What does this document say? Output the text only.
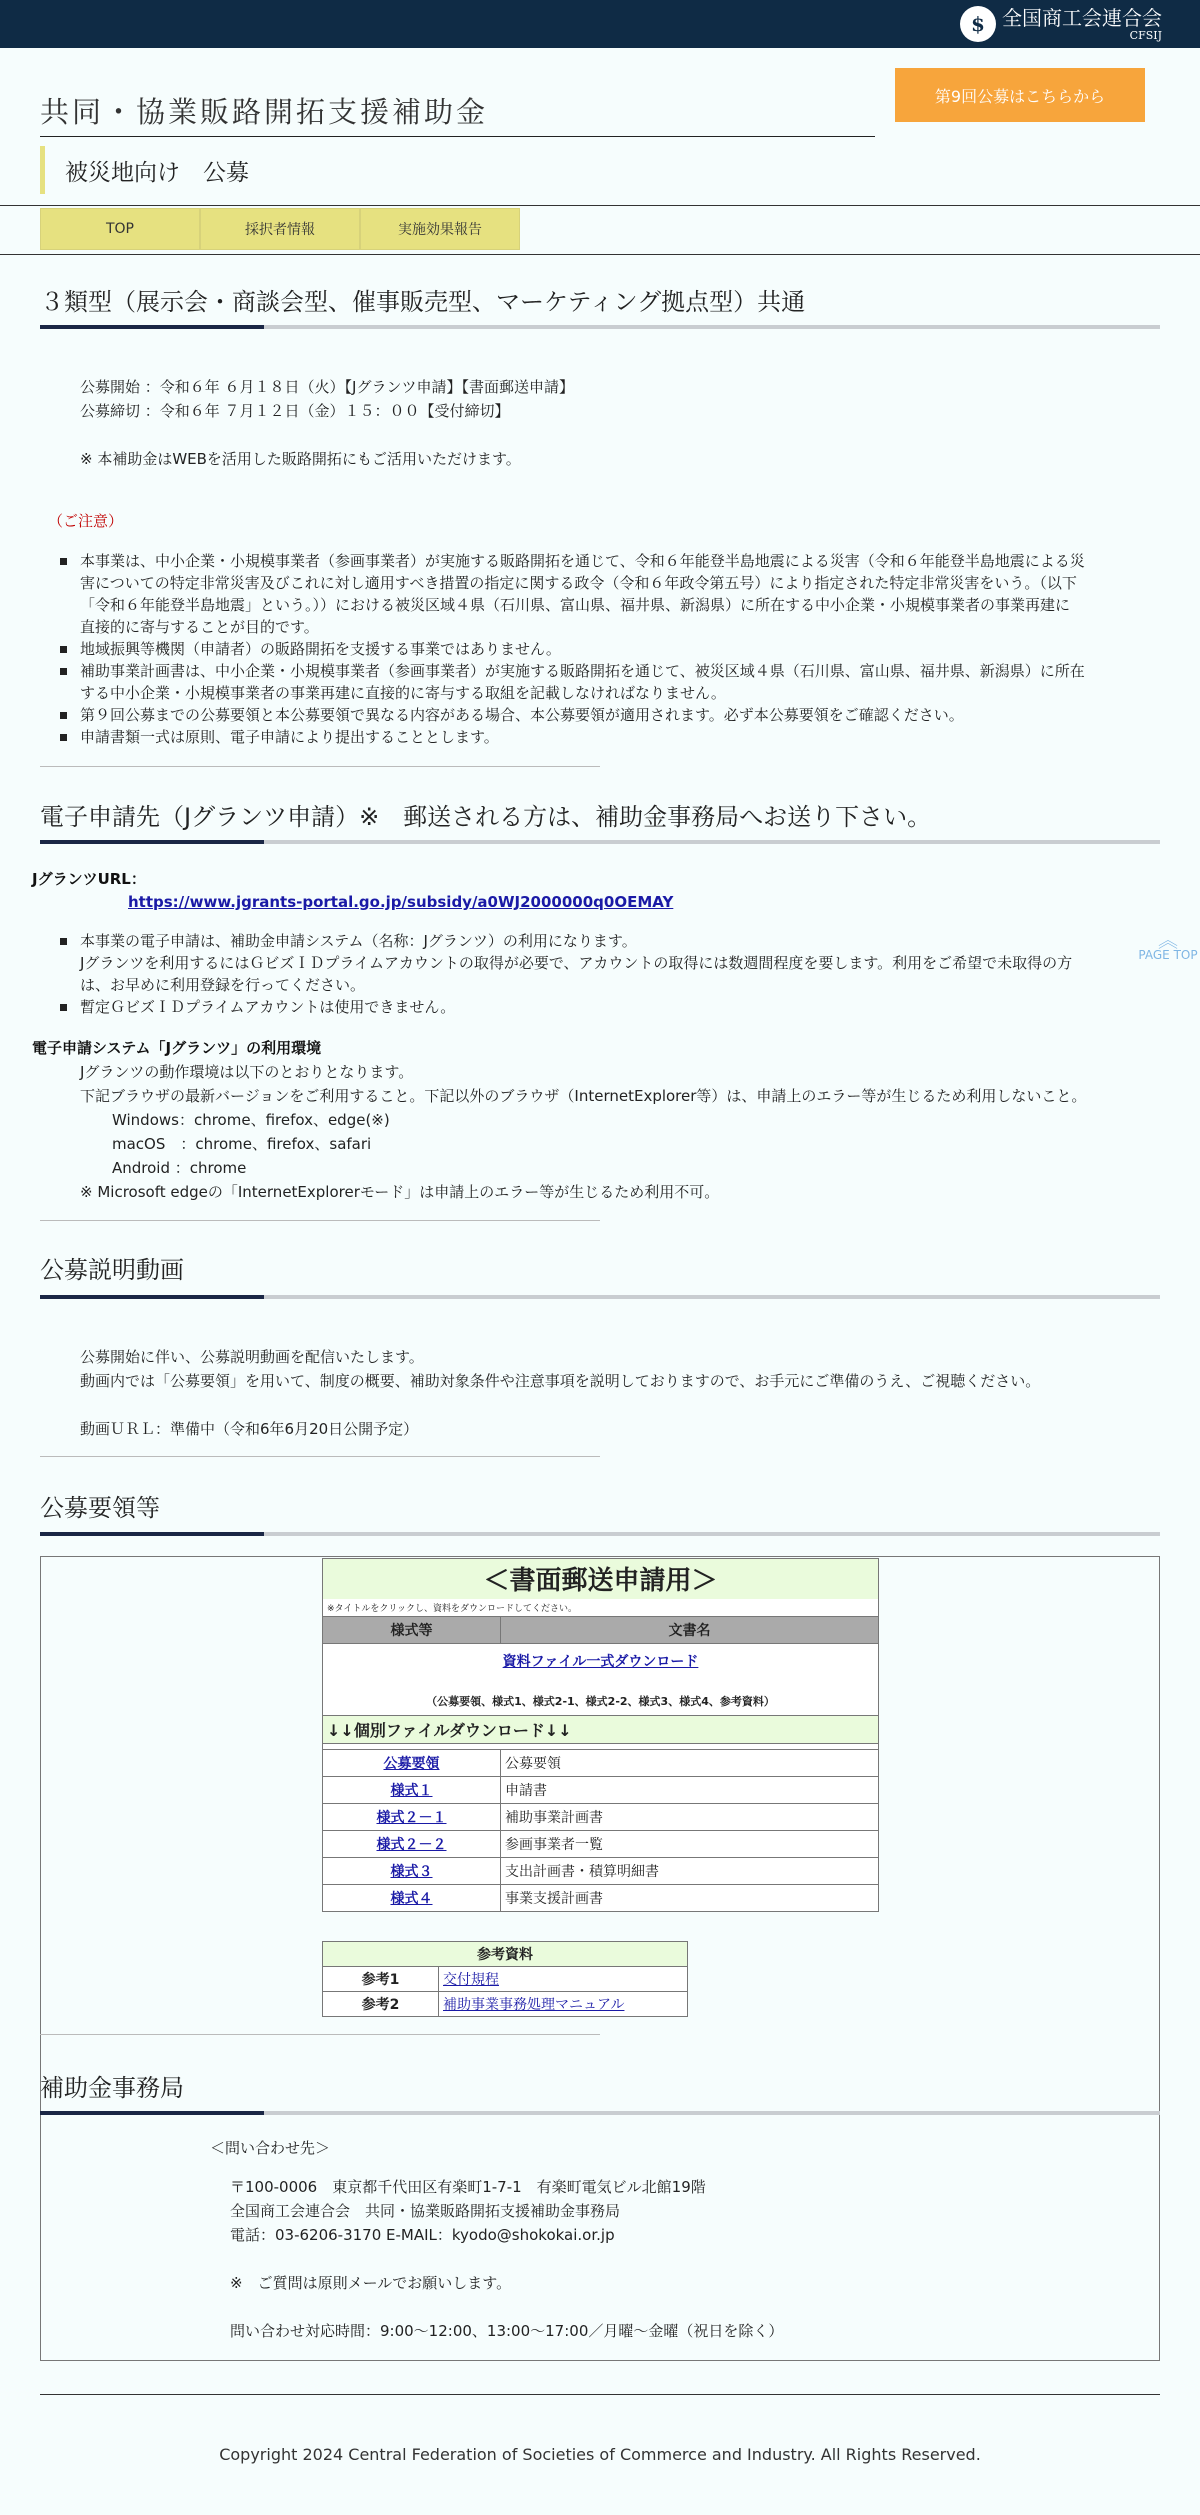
$ 全国商工会連合会
CFSIJ
共同・協業販路開拓支援補助金	第9回公募はこちらから
被災地向け　公募
TOP	採択者情報	実施効果報告
３類型（展示会・商談会型、催事販売型、マーケティング拠点型）共通
公募開始 ：令和６年 ６月１８日（火）【Jグランツ申請】【書面郵送申請】
公募締切 ：令和６年 ７月１２日（金）１５：００【受付締切】
※ 本補助金はWEBを活用した販路開拓にもご活用いただけます。
（ご注意）
本事業は、中小企業・小規模事業者（参画事業者）が実施する販路開拓を通じて、令和６年能登半島地震による災害（令和６年能登半島地震による災
害についての特定非常災害及びこれに対し適用すべき措置の指定に関する政令（令和６年政令第五号）により指定された特定非常災害をいう。（以下
「令和６年能登半島地震」という。））における被災区域４県（石川県、富山県、福井県、新潟県）に所在する中小企業・小規模事業者の事業再建に
直接的に寄与することが目的です。
地域振興等機関（申請者）の販路開拓を支援する事業ではありません。
補助事業計画書は、中小企業・小規模事業者（参画事業者）が実施する販路開拓を通じて、被災区域４県（石川県、富山県、福井県、新潟県）に所在
する中小企業・小規模事業者の事業再建に直接的に寄与する取組を記載しなければなりません。
第９回公募までの公募要領と本公募要領で異なる内容がある場合、本公募要領が適用されます。必ず本公募要領をご確認ください。
申請書類一式は原則、電子申請により提出することとします。
電子申請先（Jグランツ申請）※　郵送される方は、補助金事務局へお送り下さい。
JグランツURL：
https://www.jgrants-portal.go.jp/subsidy/a0WJ2000000q0OEMAY
本事業の電子申請は、補助金申請システム（名称：Jグランツ）の利用になります。
Jグランツを利用するにはＧビズＩＤプライムアカウントの取得が必要で、アカウントの取得には数週間程度を要します。利用をご希望で未取得の方
は、お早めに利用登録を行ってください。
暫定ＧビズＩＤプライムアカウントは使用できません。
電子申請システム「Jグランツ」の利用環境
Jグランツの動作環境は以下のとおりとなります。
下記ブラウザの最新バージョンをご利用すること。下記以外のブラウザ（InternetExplorer等）は、申請上のエラー等が生じるため利用しないこと。
Windows：chrome、firefox、edge(※)
macOS　：chrome、firefox、safari
Android ：chrome
※ Microsoft edgeの「InternetExplorerモード」は申請上のエラー等が生じるため利用不可。
︽
PAGE TOP
公募説明動画
公募開始に伴い、公募説明動画を配信いたします。
動画内では「公募要領」を用いて、制度の概要、補助対象条件や注意事項を説明しておりますので、お手元にご準備のうえ、ご視聴ください。
動画ＵＲＬ：準備中（令和6年6月20日公開予定）
公募要領等
＜書面郵送申請用＞	
※タイトルをクリックし、資料をダウンロードしてください。	
様式等	文書名
資料ファイル一式ダウンロード
（公募要領、様式1、様式2-1、様式2-2、様式3、様式4、参考資料）	

↓↓個別ファイルダウンロード↓↓	

公募要領	公募要領
様式１	申請書
様式２－１	補助事業計画書
様式２－２	参画事業者一覧
様式３	支出計画書・積算明細書
様式４	事業支援計画書
参考資料	
参考1	交付規程
参考2	補助事業事務処理マニュアル
補助金事務局
＜問い合わせ先＞
〒100-0006　東京都千代田区有楽町1-7-1　有楽町電気ビル北館19階
全国商工会連合会　共同・協業販路開拓支援補助金事務局
電話：03-6206-3170 E-MAIL：kyodo@shokokai.or.jp
※　ご質問は原則メールでお願いします。
問い合わせ対応時間：9:00～12:00、13:00～17:00／月曜～金曜（祝日を除く）
Copyright 2024 Central Federation of Societies of Commerce and Industry. All Rights Reserved.
